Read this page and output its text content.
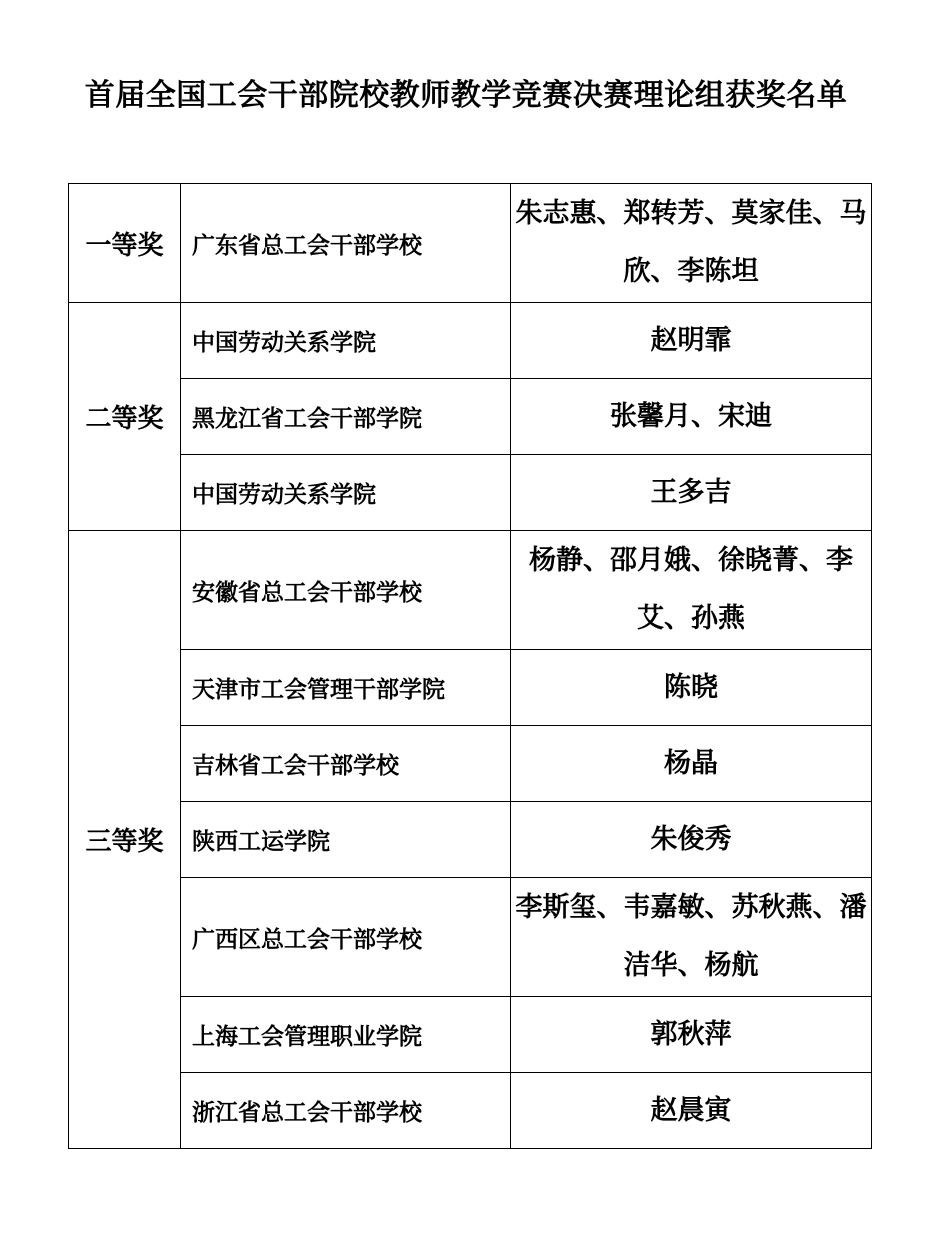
首届全国工会干部院校教师教学竞赛决赛理论组获奖名单
一等奖	广东省总工会干部学校	朱志惠、郑转芳、莫家佳、马欣、李陈坦
二等奖	中国劳动关系学院	赵明霏
	黑龙江省工会干部学院	张馨月、宋迪
	中国劳动关系学院	王多吉
三等奖	安徽省总工会干部学校	杨静、邵月娥、徐晓菁、李艾、孙燕
	天津市工会管理干部学院	陈晓
	吉林省工会干部学校	杨晶
	陕西工运学院	朱俊秀
	广西区总工会干部学校	李斯玺、韦嘉敏、苏秋燕、潘洁华、杨航
	上海工会管理职业学院	郭秋萍
	浙江省总工会干部学校	赵晨寅
